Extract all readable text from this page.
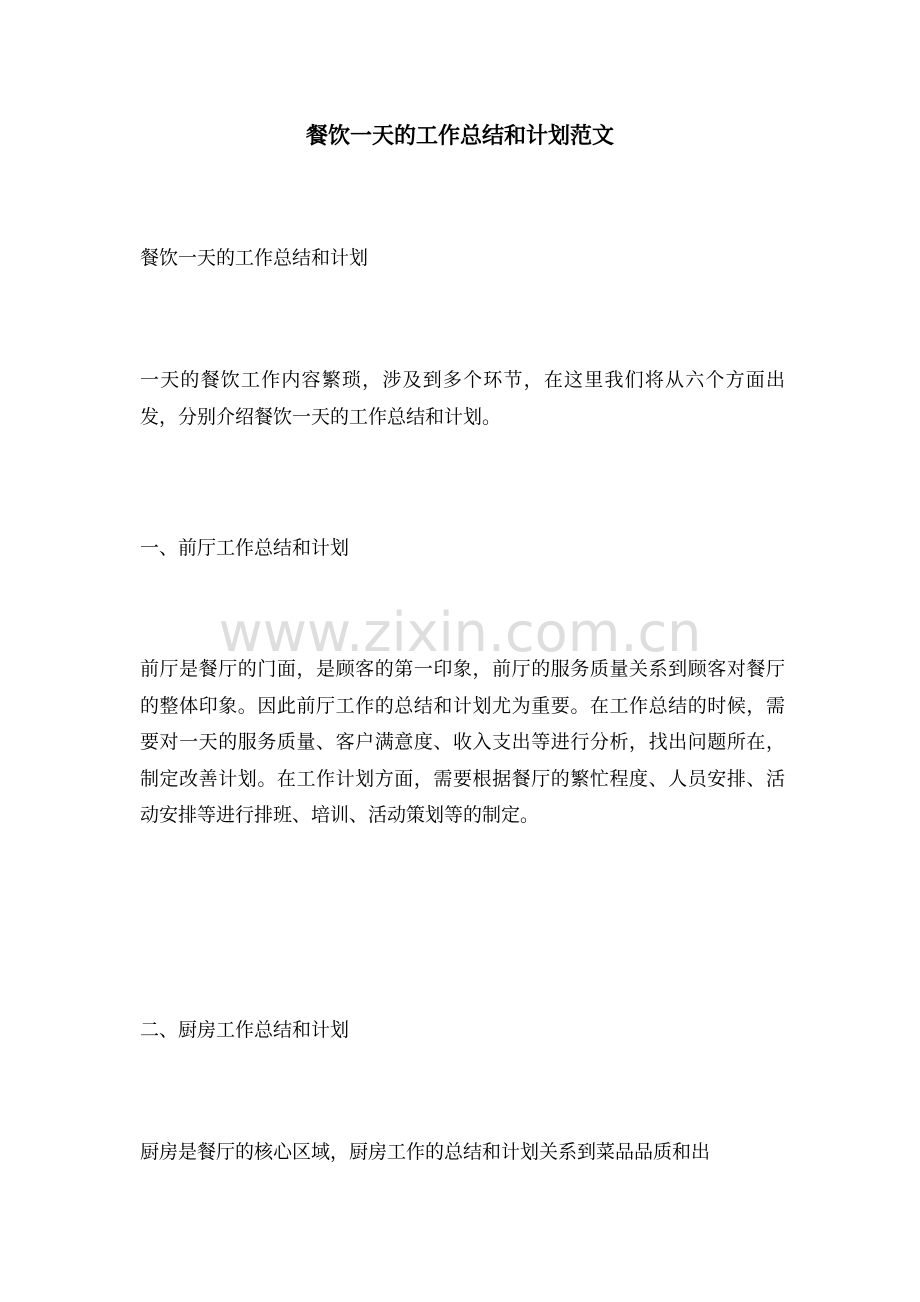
餐饮一天的工作总结和计划范文

餐饮一天的工作总结和计划

一天的餐饮工作内容繁琐，涉及到多个环节，在这里我们将从六个方面出发，分别介绍餐饮一天的工作总结和计划。

一、前厅工作总结和计划

前厅是餐厅的门面，是顾客的第一印象，前厅的服务质量关系到顾客对餐厅的整体印象。因此前厅工作的总结和计划尤为重要。在工作总结的时候，需要对一天的服务质量、客户满意度、收入支出等进行分析，找出问题所在，制定改善计划。在工作计划方面，需要根据餐厅的繁忙程度、人员安排、活动安排等进行排班、培训、活动策划等的制定。

二、厨房工作总结和计划

厨房是餐厅的核心区域，厨房工作的总结和计划关系到菜品品质和出

www.zixin.com.cn
